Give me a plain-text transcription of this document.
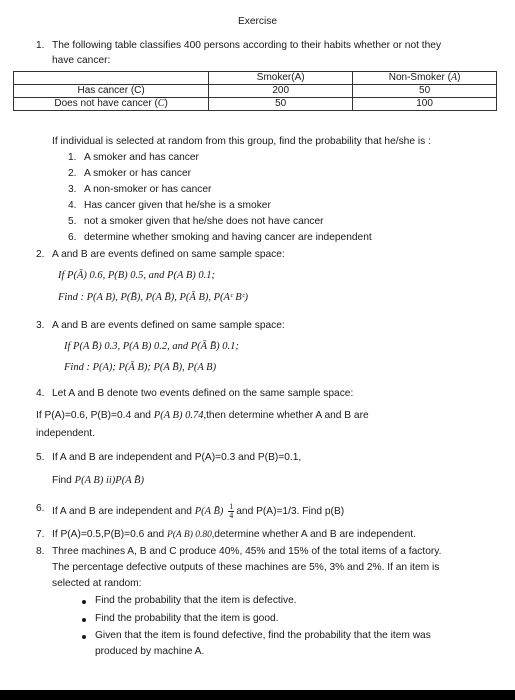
Exercise
1. The following table classifies 400 persons according to their habits whether or not they
have cancer:
	Smoker(A)	Non-Smoker $(\overline{A})$
Has cancer (C)	200	50
Does not have cancer $(\overline{C})$	50	100
If individual is selected at random from this group, find the probability that he/she is :
1. A smoker and has cancer
2. A smoker or has cancer
3. A non-smoker or has cancer
4. Has cancer given that he/she is a smoker
5. not a smoker given that he/she does not have cancer
6. determine whether smoking and having cancer are independent
2. A and B are events defined on same sample space:
If P(Ā) 0.6, P(B) 0.5, and P(A B) 0.1;
Find : P(A B), P(B̄), P(A B̄), P(Ā B), P(Aᶜ Bᶜ)
3. A and B are events defined on same sample space:
If P(A B̄) 0.3, P(A B) 0.2, and P(Ā B̄) 0.1;
Find : P(A); P(Ā B); P(A B̄), P(A B)
4. Let A and B denote two events defined on the same sample space:
If P(A)=0.6, P(B)=0.4 and P(A B) 0.74,then determine whether A and B are
independent.
5. If A and B are independent and P(A)=0.3 and P(B)=0.1,
Find P(A B) ii)P(A B̄)
6. If A and B are independent and P(A B̄) $\frac{1}{4}$ and P(A)=1/3. Find p(B)
7. If P(A)=0.5,P(B)=0.6 and P(A B) 0.80,determine whether A and B are independent.
8. Three machines A, B and C produce 40%, 45% and 15% of the total items of a factory.
The percentage defective outputs of these machines are 5%, 3% and 2%. If an item is
selected at random:
Find the probability that the item is defective.
Find the probability that the item is good.
Given that the item is found defective, find the probability that the item was
produced by machine A.
